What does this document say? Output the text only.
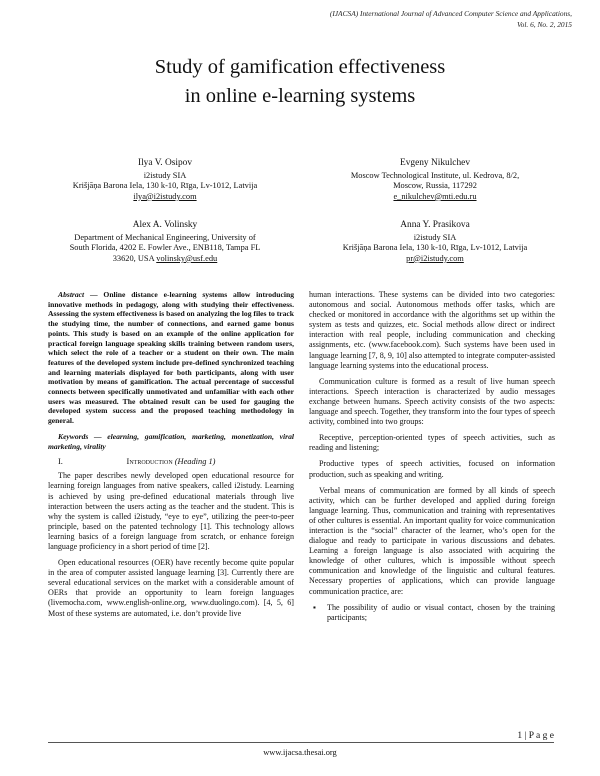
(IJACSA) International Journal of Advanced Computer Science and Applications,
Vol. 6, No. 2, 2015
Study of gamification effectiveness
in online e-learning systems
Ilya V. Osipov
i2istudy SIA
Krišjāņa Barona Iela, 130 k-10, Rīga, Lv-1012, Latvija
ilya@i2istudy.com
Evgeny Nikulchev
Moscow Technological Institute, ul. Kedrova, 8/2,
Moscow, Russia, 117292
e_nikulchev@mti.edu.ru
Alex A. Volinsky
Department of Mechanical Engineering, University of
South Florida, 4202 E. Fowler Ave., ENB118, Tampa FL
33620, USA volinsky@usf.edu
Anna Y. Prasikova
i2istudy SIA
Krišjāņa Barona Iela, 130 k-10, Rīga, Lv-1012, Latvija
pr@i2istudy.com

Abstract — Online distance e-learning systems allow introducing innovative methods in pedagogy, along with studying their effectiveness. Assessing the system effectiveness is based on analyzing the log files to track the studying time, the number of connections, and earned game bonus points. This study is based on an example of the online application for practical foreign language speaking skills training between random users, which select the role of a teacher or a student on their own. The main features of the developed system include pre-defined synchronized teaching and learning materials displayed for both participants, along with user motivation by means of gamification. The actual percentage of successful connects between specifically unmotivated and unfamiliar with each other users was measured. The obtained result can be used for gauging the developed system success and the proposed teaching methodology in general.

Keywords — elearning, gamification, marketing, monetization, viral marketing, virality

I.	Introduction (Heading 1)

The paper describes newly developed open educational resource for learning foreign languages from native speakers, called i2istudy. Learning is achieved by using pre-defined educational materials through live interaction between the users acting as the teacher and the student. This is why the system is called i2istudy, “eye to eye”, utilizing the peer-to-peer principle, based on the patented technology [1]. This technology allows learning basics of a foreign language from scratch, or enhance foreign language proficiency in a short period of time [2].

Open educational resources (OER) have recently become quite popular in the area of computer assisted language learning [3]. Currently there are several educational services on the market with a considerable amount of OERs that provide an opportunity to learn foreign languages (livemocha.com, www.english-online.org, www.duolingo.com). [4, 5, 6] Most of these systems are automated, i.e. don’t provide live

human interactions. These systems can be divided into two categories: autonomous and social. Autonomous methods offer tasks, which are checked or monitored in accordance with the algorithms set up within the system as tests and quizzes, etc. Social methods allow direct or indirect interaction with real people, including communication and checking assignments, etc. (www.facebook.com). Such systems have been used in language learning [7, 8, 9, 10] also attempted to integrate computer-assisted language learning systems into the educational process.

Communication culture is formed as a result of live human speech interactions. Speech interaction is characterized by audio messages exchange between humans. Speech activity consists of the two aspects: language and speech. Together, they transform into the four types of speech activity, combined into two groups:

Receptive, perception-oriented types of speech activities, such as reading and listening;

Productive types of speech activities, focused on information production, such as speaking and writing.

Verbal means of communication are formed by all kinds of speech activity, which can be further developed and applied during foreign language learning. Thus, communication and training with representatives of other cultures is essential. An important quality for voice communication interaction is the “social” character of the learner, who’s open for the dialogue and ready to participate in various discussions and debates. Learning a foreign language is also associated with acquiring the knowledge of other cultures, which is impossible without speech communication and knowledge of the linguistic and cultural features. Necessary properties of applications, which can provide language communication practice, are:

▪	The possibility of audio or visual contact, chosen by the training participants;
1 | P a g e
www.ijacsa.thesai.org
